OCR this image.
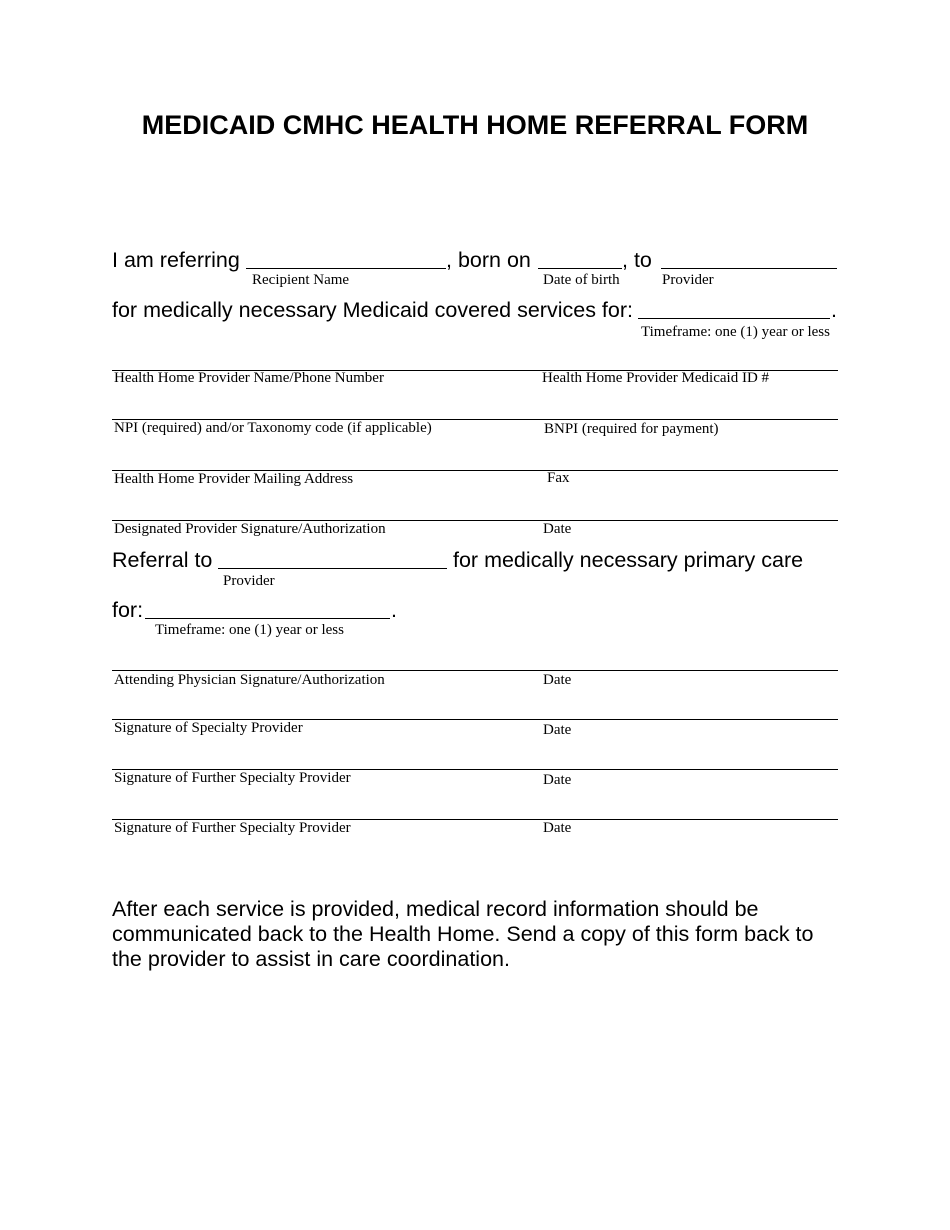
MEDICAID CMHC HEALTH HOME REFERRAL FORM
I am referring	, born on	, to
Recipient Name	Date of birth	Provider
for medically necessary Medicaid covered services for:	.
Timeframe: one (1) year or less
Health Home Provider Name/Phone Number	Health Home Provider Medicaid ID #
NPI (required) and/or Taxonomy code (if applicable)	BNPI (required for payment)
Health Home Provider Mailing Address	Fax
Designated Provider Signature/Authorization	Date
Referral to	for medically necessary primary care
Provider
for:	.
Timeframe: one (1) year or less
Attending Physician Signature/Authorization	Date
Signature of Specialty Provider	Date
Signature of Further Specialty Provider	Date
Signature of Further Specialty Provider	Date
After each service is provided, medical record information should be communicated back to the Health Home. Send a copy of this form back to the provider to assist in care coordination.
